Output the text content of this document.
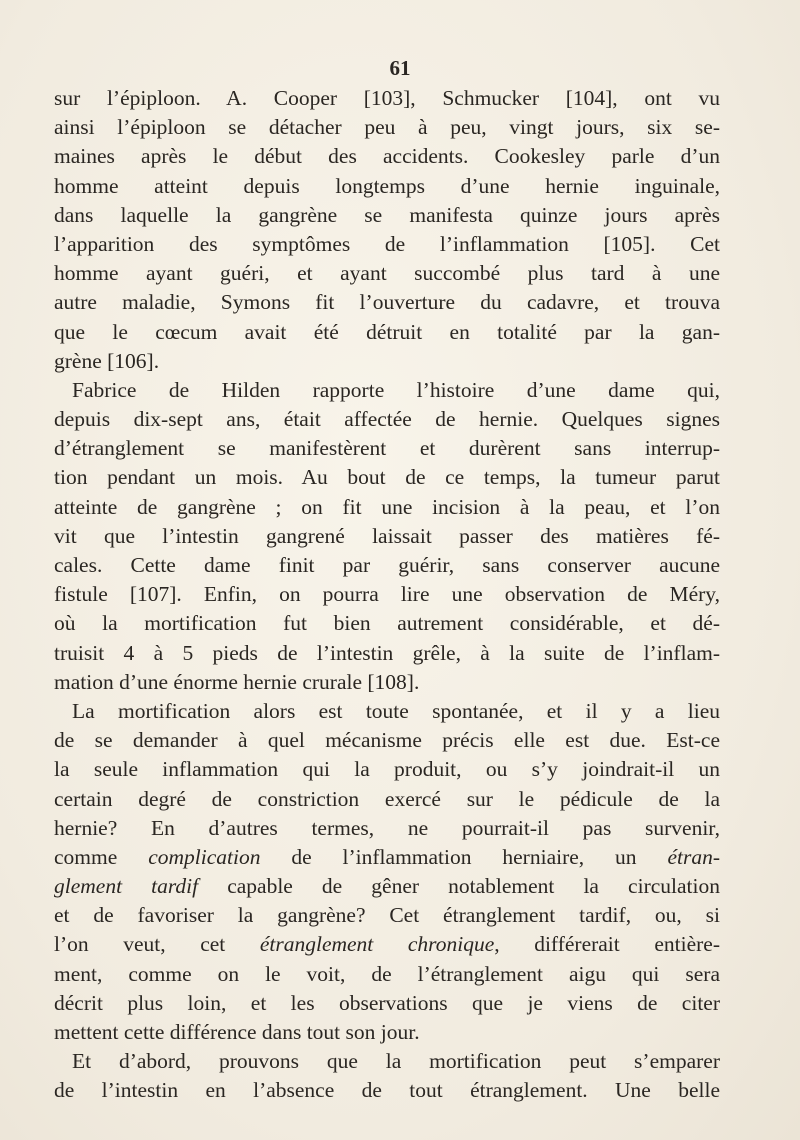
61
sur l’épiploon. A. Cooper [103], Schmucker [104], ont vu
ainsi l’épiploon se détacher peu à peu, vingt jours, six se-
maines après le début des accidents. Cookesley parle d’un
homme atteint depuis longtemps d’une hernie inguinale,
dans laquelle la gangrène se manifesta quinze jours après
l’apparition des symptômes de l’inflammation [105]. Cet
homme ayant guéri, et ayant succombé plus tard à une
autre maladie, Symons fit l’ouverture du cadavre, et trouva
que le cœcum avait été détruit en totalité par la gan-
grène [106].
Fabrice de Hilden rapporte l’histoire d’une dame qui,
depuis dix-sept ans, était affectée de hernie. Quelques signes
d’étranglement se manifestèrent et durèrent sans interrup-
tion pendant un mois. Au bout de ce temps, la tumeur parut
atteinte de gangrène ; on fit une incision à la peau, et l’on
vit que l’intestin gangrené laissait passer des matières fé-
cales. Cette dame finit par guérir, sans conserver aucune
fistule [107]. Enfin, on pourra lire une observation de Méry,
où la mortification fut bien autrement considérable, et dé-
truisit 4 à 5 pieds de l’intestin grêle, à la suite de l’inflam-
mation d’une énorme hernie crurale [108].
La mortification alors est toute spontanée, et il y a lieu
de se demander à quel mécanisme précis elle est due. Est-ce
la seule inflammation qui la produit, ou s’y joindrait-il un
certain degré de constriction exercé sur le pédicule de la
hernie? En d’autres termes, ne pourrait-il pas survenir,
comme complication de l’inflammation herniaire, un étran-
glement tardif capable de gêner notablement la circulation
et de favoriser la gangrène? Cet étranglement tardif, ou, si
l’on veut, cet étranglement chronique, différerait entière-
ment, comme on le voit, de l’étranglement aigu qui sera
décrit plus loin, et les observations que je viens de citer
mettent cette différence dans tout son jour.
Et d’abord, prouvons que la mortification peut s’emparer
de l’intestin en l’absence de tout étranglement. Une belle
